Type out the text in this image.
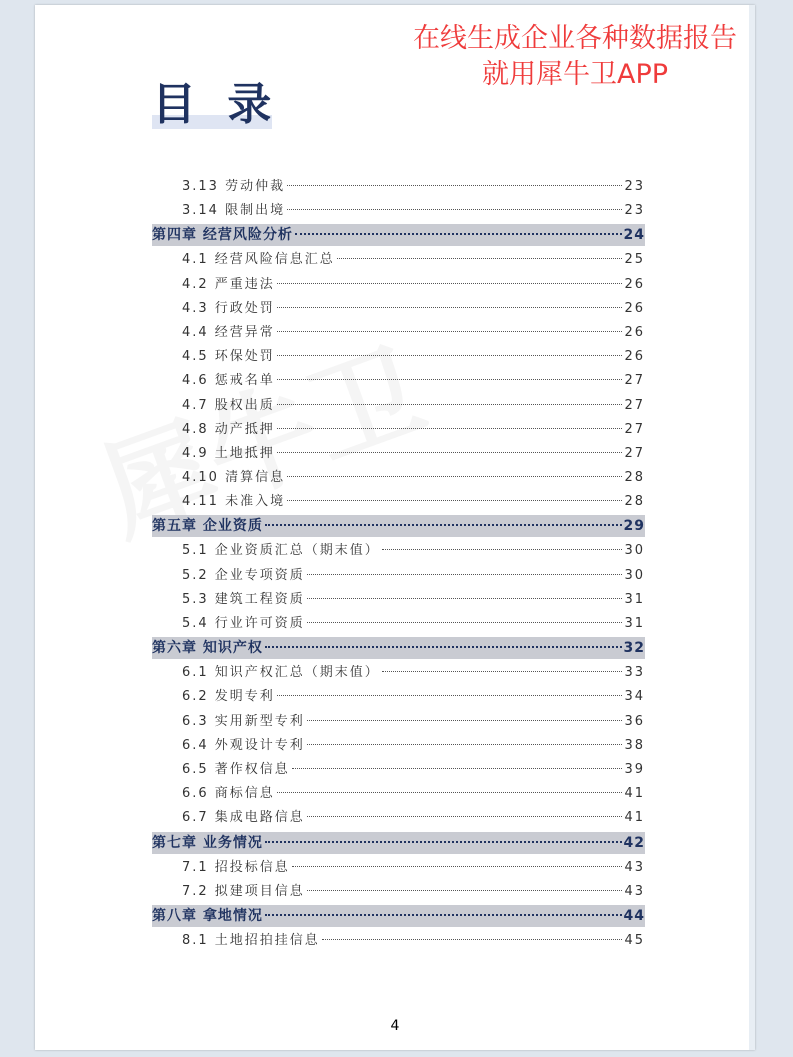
在线生成企业各种数据报告
就用犀牛卫APP
目 录
3.13 劳动仲裁	23
3.14 限制出境	23
第四章 经营风险分析	24
4.1 经营风险信息汇总	25
4.2 严重违法	26
4.3 行政处罚	26
4.4 经营异常	26
4.5 环保处罚	26
4.6 惩戒名单	27
4.7 股权出质	27
4.8 动产抵押	27
4.9 土地抵押	27
4.10 清算信息	28
4.11 未准入境	28
第五章 企业资质	29
5.1 企业资质汇总（期末值）	30
5.2 企业专项资质	30
5.3 建筑工程资质	31
5.4 行业许可资质	31
第六章 知识产权	32
6.1 知识产权汇总（期末值）	33
6.2 发明专利	34
6.3 实用新型专利	36
6.4 外观设计专利	38
6.5 著作权信息	39
6.6 商标信息	41
6.7 集成电路信息	41
第七章 业务情况	42
7.1 招投标信息	43
7.2 拟建项目信息	43
第八章 拿地情况	44
8.1 土地招拍挂信息	45
4
